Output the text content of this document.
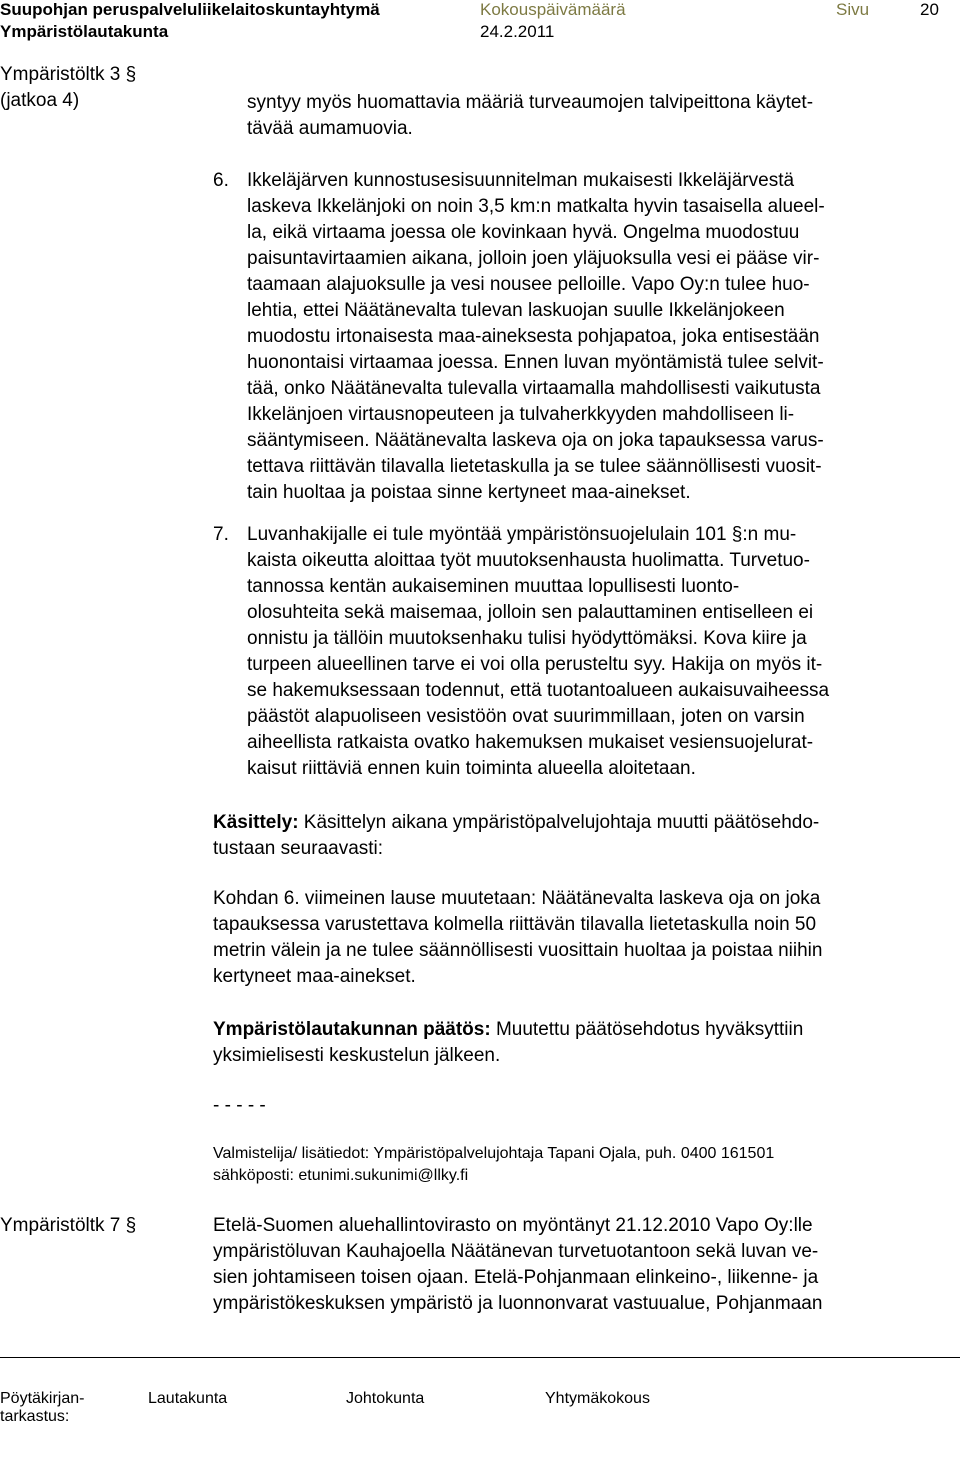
Suupohjan peruspalveluliikelaitoskuntayhtymä	Kokouspäivämäärä	Sivu	20
Ympäristölautakunta	24.2.2011
Ympäristöltk 3 §
(jatkoa 4)	syntyy myös huomattavia määriä turveaumojen talvipeittona käytet-
tävää aumamuovia.
6. Ikkeläjärven kunnostusesisuunnitelman mukaisesti Ikkeläjärvestä
laskeva Ikkelänjoki on noin 3,5 km:n matkalta hyvin tasaisella alueel-
la, eikä virtaama joessa ole kovinkaan hyvä. Ongelma muodostuu
paisuntavirtaamien aikana, jolloin joen yläjuoksulla vesi ei pääse vir-
taamaan alajuoksulle ja vesi nousee pelloille. Vapo Oy:n tulee huo-
lehtia, ettei Näätänevalta tulevan laskuojan suulle Ikkelänjokeen
muodostu irtonaisesta maa-aineksesta pohjapatoa, joka entisestään
huonontaisi virtaamaa joessa. Ennen luvan myöntämistä tulee selvit-
tää, onko Näätänevalta tulevalla virtaamalla mahdollisesti vaikutusta
Ikkelänjoen virtausnopeuteen ja tulvaherkkyyden mahdolliseen li-
sääntymiseen. Näätänevalta laskeva oja on joka tapauksessa varus-
tettava riittävän tilavalla lietetaskulla ja se tulee säännöllisesti vuosit-
tain huoltaa ja poistaa sinne kertyneet maa-ainekset.
7. Luvanhakijalle ei tule myöntää ympäristönsuojelulain 101 §:n mu-
kaista oikeutta aloittaa työt muutoksenhausta huolimatta. Turvetuo-
tannossa kentän aukaiseminen muuttaa lopullisesti luonto-
olosuhteita sekä maisemaa, jolloin sen palauttaminen entiselleen ei
onnistu ja tällöin muutoksenhaku tulisi hyödyttömäksi. Kova kiire ja
turpeen alueellinen tarve ei voi olla perusteltu syy. Hakija on myös it-
se hakemuksessaan todennut, että tuotantoalueen aukaisuvaiheessa
päästöt alapuoliseen vesistöön ovat suurimmillaan, joten on varsin
aiheellista ratkaista ovatko hakemuksen mukaiset vesiensuojelurat-
kaisut riittäviä ennen kuin toiminta alueella aloitetaan.
Käsittely: Käsittelyn aikana ympäristöpalvelujohtaja muutti päätösehdo-
tustaan seuraavasti:
Kohdan 6. viimeinen lause muutetaan: Näätänevalta laskeva oja on joka
tapauksessa varustettava kolmella riittävän tilavalla lietetaskulla noin 50
metrin välein ja ne tulee säännöllisesti vuosittain huoltaa ja poistaa niihin
kertyneet maa-ainekset.
Ympäristölautakunnan päätös: Muutettu päätösehdotus hyväksyttiin
yksimielisesti keskustelun jälkeen.
- - - - -
Valmistelija/ lisätiedot: Ympäristöpalvelujohtaja Tapani Ojala, puh. 0400 161501
sähköposti: etunimi.sukunimi@llky.fi
Ympäristöltk 7 §	Etelä-Suomen aluehallintovirasto on myöntänyt 21.12.2010 Vapo Oy:lle
ympäristöluvan Kauhajoella Näätänevan turvetuotantoon sekä luvan ve-
sien johtamiseen toisen ojaan. Etelä-Pohjanmaan elinkeino-, liikenne- ja
ympäristökeskuksen ympäristö ja luonnonvarat vastuualue, Pohjanmaan
Pöytäkirjan-
tarkastus:
Lautakunta	Johtokunta	Yhtymäkokous
